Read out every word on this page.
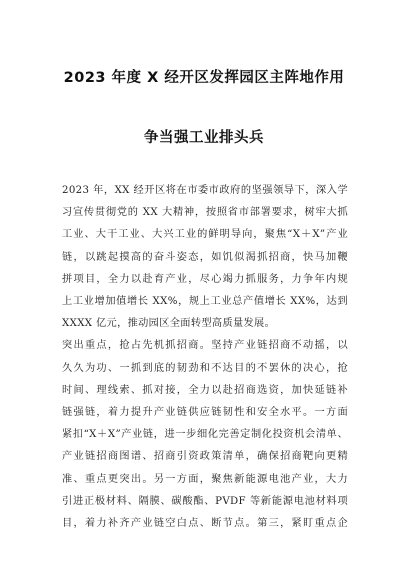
2023 年度 X 经开区发挥园区主阵地作用
争当强工业排头兵
2023 年，XX 经开区将在市委市政府的坚强领导下，深入学
习宣传贯彻党的 XX 大精神，按照省市部署要求，树牢大抓
工业、大干工业、大兴工业的鲜明导向，聚焦“X＋X”产业
链，以跳起摸高的奋斗姿态，如饥似渴抓招商，快马加鞭
拼项目，全力以赴育产业，尽心竭力抓服务，力争年内规
上工业增加值增长 XX%，规上工业总产值增长 XX%，达到
XXXX 亿元，推动园区全面转型高质量发展。
突出重点，抢占先机抓招商。坚持产业链招商不动摇，以
久久为功、一抓到底的韧劲和不达目的不罢休的决心，抢
时间、理线索、抓对接，全力以赴招商选资，加快延链补
链强链，着力提升产业链供应链韧性和安全水平。一方面
紧扣“X＋X”产业链，进一步细化完善定制化投资机会清单、
产业链招商图谱、招商引资政策清单，确保招商靶向更精
准、重点更突出。另一方面，聚焦新能源电池产业，大力
引进正极材料、隔膜、碳酸酯、PVDF 等新能源电池材料项
目，着力补齐产业链空白点、断节点。第三，紧盯重点企
